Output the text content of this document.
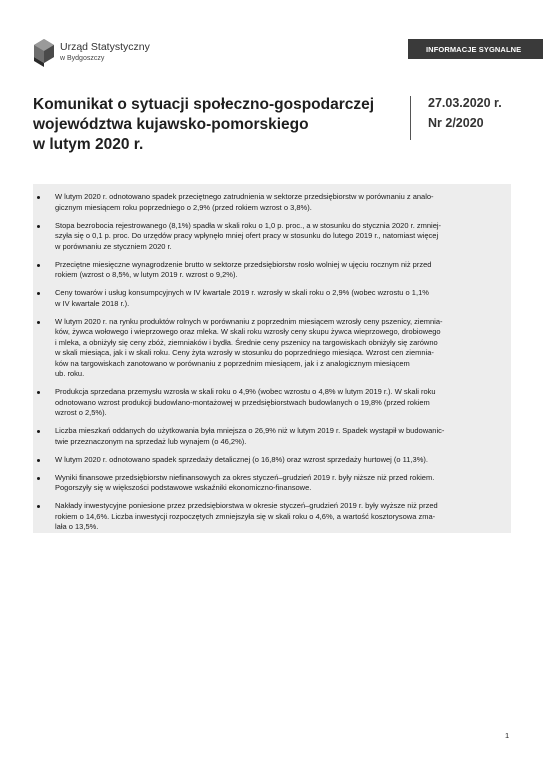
Urząd Statystyczny
w Bydgoszczy
INFORMACJE SYGNALNE
Komunikat o sytuacji społeczno-gospodarczej
województwa kujawsko-pomorskiego
w lutym 2020 r.
27.03.2020 r.
Nr 2/2020
W lutym 2020 r. odnotowano spadek przeciętnego zatrudnienia w sektorze przedsiębiorstw w porównaniu z analo-
gicznym miesiącem roku poprzedniego o 2,9% (przed rokiem wzrost o 3,8%).
Stopa bezrobocia rejestrowanego (8,1%) spadła w skali roku o 1,0 p. proc., a w stosunku do stycznia 2020 r. zmniej-
szyła się o 0,1 p. proc. Do urzędów pracy wpłynęło mniej ofert pracy w stosunku do lutego 2019 r., natomiast więcej
w porównaniu ze styczniem 2020 r.
Przeciętne miesięczne wynagrodzenie brutto w sektorze przedsiębiorstw rosło wolniej w ujęciu rocznym niż przed
rokiem (wzrost o 8,5%, w lutym 2019 r. wzrost o 9,2%).
Ceny towarów i usług konsumpcyjnych w IV kwartale 2019 r. wzrosły w skali roku o 2,9% (wobec wzrostu o 1,1%
w IV kwartale 2018 r.).
W lutym 2020 r. na rynku produktów rolnych w porównaniu z poprzednim miesiącem wzrosły ceny pszenicy, ziemnia-
ków, żywca wołowego i wieprzowego oraz mleka. W skali roku wzrosły ceny skupu żywca wieprzowego, drobiowego
i mleka, a obniżyły się ceny zbóż, ziemniaków i bydła. Średnie ceny pszenicy na targowiskach obniżyły się zarówno
w skali miesiąca, jak i w skali roku. Ceny żyta wzrosły w stosunku do poprzedniego miesiąca. Wzrost cen ziemnia-
ków na targowiskach zanotowano w porównaniu z poprzednim miesiącem, jak i z analogicznym miesiącem
ub. roku.
Produkcja sprzedana przemysłu wzrosła w skali roku o 4,9% (wobec wzrostu o 4,8% w lutym 2019 r.). W skali roku
odnotowano wzrost produkcji budowlano-montażowej w przedsiębiorstwach budowlanych o 19,8% (przed rokiem
wzrost o 2,5%).
Liczba mieszkań oddanych do użytkowania była mniejsza o 26,9% niż w lutym 2019 r. Spadek wystąpił w budowanic-
twie przeznaczonym na sprzedaż lub wynajem (o 46,2%).
W lutym 2020 r. odnotowano spadek sprzedaży detalicznej (o 16,8%) oraz wzrost sprzedaży hurtowej (o 11,3%).
Wyniki finansowe przedsiębiorstw niefinansowych za okres styczeń–grudzień 2019 r. były niższe niż przed rokiem.
Pogorszyły się w większości podstawowe wskaźniki ekonomiczno-finansowe.
Nakłady inwestycyjne poniesione przez przedsiębiorstwa w okresie styczeń–grudzień 2019 r. były wyższe niż przed
rokiem o 14,6%. Liczba inwestycji rozpoczętych zmniejszyła się w skali roku o 4,6%, a wartość kosztorysowa zma-
lała o 13,5%.
1
